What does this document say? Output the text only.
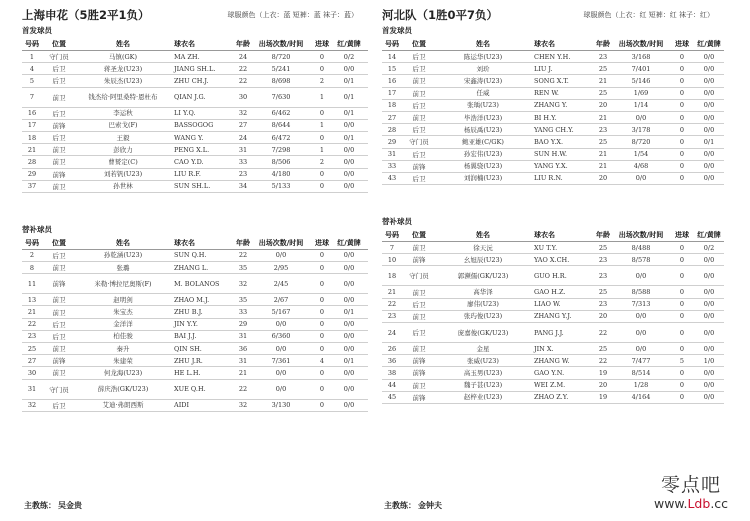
上海申花（5胜2平1负）	球服颜色（上衣：蓝 短裤：蓝 袜子：蓝）
首发球员
号码	位置	姓名	球衣名	年龄	出场次数/时间	进球	红/黄牌
1	守门员	马镇(GK)	MA ZH.	24	8/720	0	0/2
4	后卫	蒋圣龙(U23)	JIANG SH.L.	22	5/241	0	0/0
5	后卫	朱辰杰(U23)	ZHU CH.J.	22	8/698	2	0/1
7	前卫	钱杰给·阿里桑特·恩杜布	QIAN J.G.	30	7/630	1	0/1
16	后卫	李运秋	LI Y.Q.	32	6/462	0	0/1
17	前锋	巴索戈(F)	BASSOGOG	27	8/644	1	0/0
18	后卫	王毅	WANG Y.	24	6/472	0	0/1
21	前卫	彭欣力	PENG X.L.	31	7/298	1	0/0
28	前卫	曹赟定(C)	CAO Y.D.	33	8/506	2	0/0
29	前锋	刘若钒(U23)	LIU R.F.	23	4/180	0	0/0
37	前卫	孙世林	SUN SH.L.	34	5/133	0	0/0
替补球员
号码	位置	姓名	球衣名	年龄	出场次数/时间	进球	红/黄牌
2	后卫	孙乾涵(U23)	SUN Q.H.	22	0/0	0	0/0
8	前卫	张璐	ZHANG L.	35	2/95	0	0/0
11	前锋	米勒·博拉尼奥斯(F)	M. BOLANOS	32	2/45	0	0/0
13	前卫	赵明剑	ZHAO M.J.	35	2/67	0	0/0
21	前卫	朱宝杰	ZHU B.J.	33	5/167	0	0/1
22	后卫	金洋洋	JIN Y.Y.	29	0/0	0	0/0
23	后卫	柏佳骏	BAI J.J.	31	6/360	0	0/0
25	前卫	秦升	QIN SH.	36	0/0	0	0/0
27	前锋	朱建荣	ZHU J.R.	31	7/361	4	0/1
30	前卫	何龙海(U23)	HE L.H.	21	0/0	0	0/0
31	守门员	薛庆浩(GK/U23)	XUE Q.H.	22	0/0	0	0/0
32	后卫	艾迪·弗朗西斯	AIDI	32	3/130	0	0/0
河北队（1胜0平7负）	球服颜色（上衣：红 短裤：红 袜子：红）
首发球员
号码	位置	姓名	球衣名	年龄	出场次数/时间	进球	红/黄牌
14	后卫	陈运华(U23)	CHEN Y.H.	23	3/168	0	0/0
15	后卫	刘玠	LIU J.	25	7/401	0	0/0
16	前卫	宋鑫涛(U23)	SONG X.T.	21	5/146	0	0/0
17	前卫	任威	REN W.	25	1/69	0	0/0
18	后卫	张瑀(U23)	ZHANG Y.	20	1/14	0	0/0
27	前卫	毕浩洋(U23)	BI H.Y.	21	0/0	0	0/0
28	后卫	杨辰禹(U23)	YANG CH.Y.	23	3/178	0	0/0
29	守门员	鲍亚雄(C/GK)	BAO Y.X.	25	8/720	0	0/1
31	后卫	孙宏伟(U23)	SUN H.W.	21	1/54	0	0/0
33	前锋	杨翼骁(U23)	YANG Y.X.	21	4/68	0	0/0
43	后卫	刘润楠(U23)	LIU R.N.	20	0/0	0	0/0
替补球员
号码	位置	姓名	球衣名	年龄	出场次数/时间	进球	红/黄牌
7	前卫	徐天沅	XU T.Y.	25	8/488	0	0/2
10	前锋	幺旭辰(U23)	YAO X.CH.	23	8/578	0	0/0
18	守门员	郭濒儒(GK/U23)	GUO H.R.	23	0/0	0	0/0
21	前卫	高华泽	GAO H.Z.	25	8/588	0	0/0
22	后卫	廖伟(U23)	LIAO W.	23	7/313	0	0/0
23	前卫	张玙俊(U23)	ZHANG Y.J.	20	0/0	0	0/0
24	后卫	庞嘉俊(GK/U23)	PANG J.J.	22	0/0	0	0/0
26	前卫	金星	JIN X.	25	0/0	0	0/0
36	前锋	张威(U23)	ZHANG W.	22	7/477	5	1/0
38	前锋	高玉男(U23)	GAO Y.N.	19	8/514	0	0/0
44	前卫	魏子甚(U23)	WEI Z.M.	20	1/28	0	0/0
45	前锋	赵梓业(U23)	ZHAO Z.Y.	19	4/164	0	0/0
主教练： 吴金贵	主教练： 金钟夫
零点吧
www.Ldb.cc
